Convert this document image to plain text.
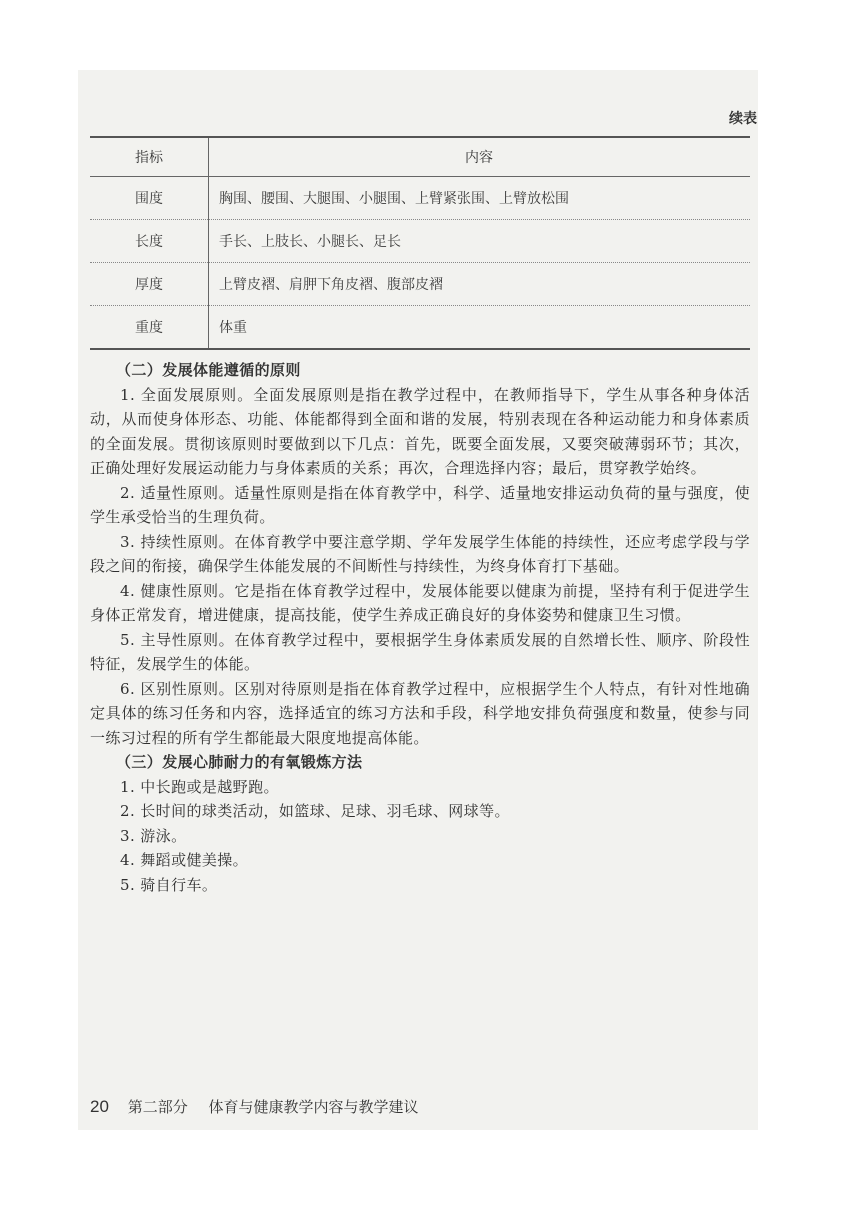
续表
指标	内容
围度	胸围、腰围、大腿围、小腿围、上臂紧张围、上臂放松围
长度	手长、上肢长、小腿长、足长
厚度	上臂皮褶、肩胛下角皮褶、腹部皮褶
重度	体重

（二）发展体能遵循的原则

1. 全面发展原则。全面发展原则是指在教学过程中，在教师指导下，学生从事各种身体活动，从而使身体形态、功能、体能都得到全面和谐的发展，特别表现在各种运动能力和身体素质的全面发展。贯彻该原则时要做到以下几点：首先，既要全面发展，又要突破薄弱环节；其次，正确处理好发展运动能力与身体素质的关系；再次，合理选择内容；最后，贯穿教学始终。

2. 适量性原则。适量性原则是指在体育教学中，科学、适量地安排运动负荷的量与强度，使学生承受恰当的生理负荷。

3. 持续性原则。在体育教学中要注意学期、学年发展学生体能的持续性，还应考虑学段与学段之间的衔接，确保学生体能发展的不间断性与持续性，为终身体育打下基础。

4. 健康性原则。它是指在体育教学过程中，发展体能要以健康为前提，坚持有利于促进学生身体正常发育，增进健康，提高技能，使学生养成正确良好的身体姿势和健康卫生习惯。

5. 主导性原则。在体育教学过程中，要根据学生身体素质发展的自然增长性、顺序、阶段性特征，发展学生的体能。

6. 区别性原则。区别对待原则是指在体育教学过程中，应根据学生个人特点，有针对性地确定具体的练习任务和内容，选择适宜的练习方法和手段，科学地安排负荷强度和数量，使参与同一练习过程的所有学生都能最大限度地提高体能。

（三）发展心肺耐力的有氧锻炼方法

1. 中长跑或是越野跑。

2. 长时间的球类活动，如篮球、足球、羽毛球、网球等。

3. 游泳。

4. 舞蹈或健美操。

5. 骑自行车。

20 第二部分 体育与健康教学内容与教学建议
